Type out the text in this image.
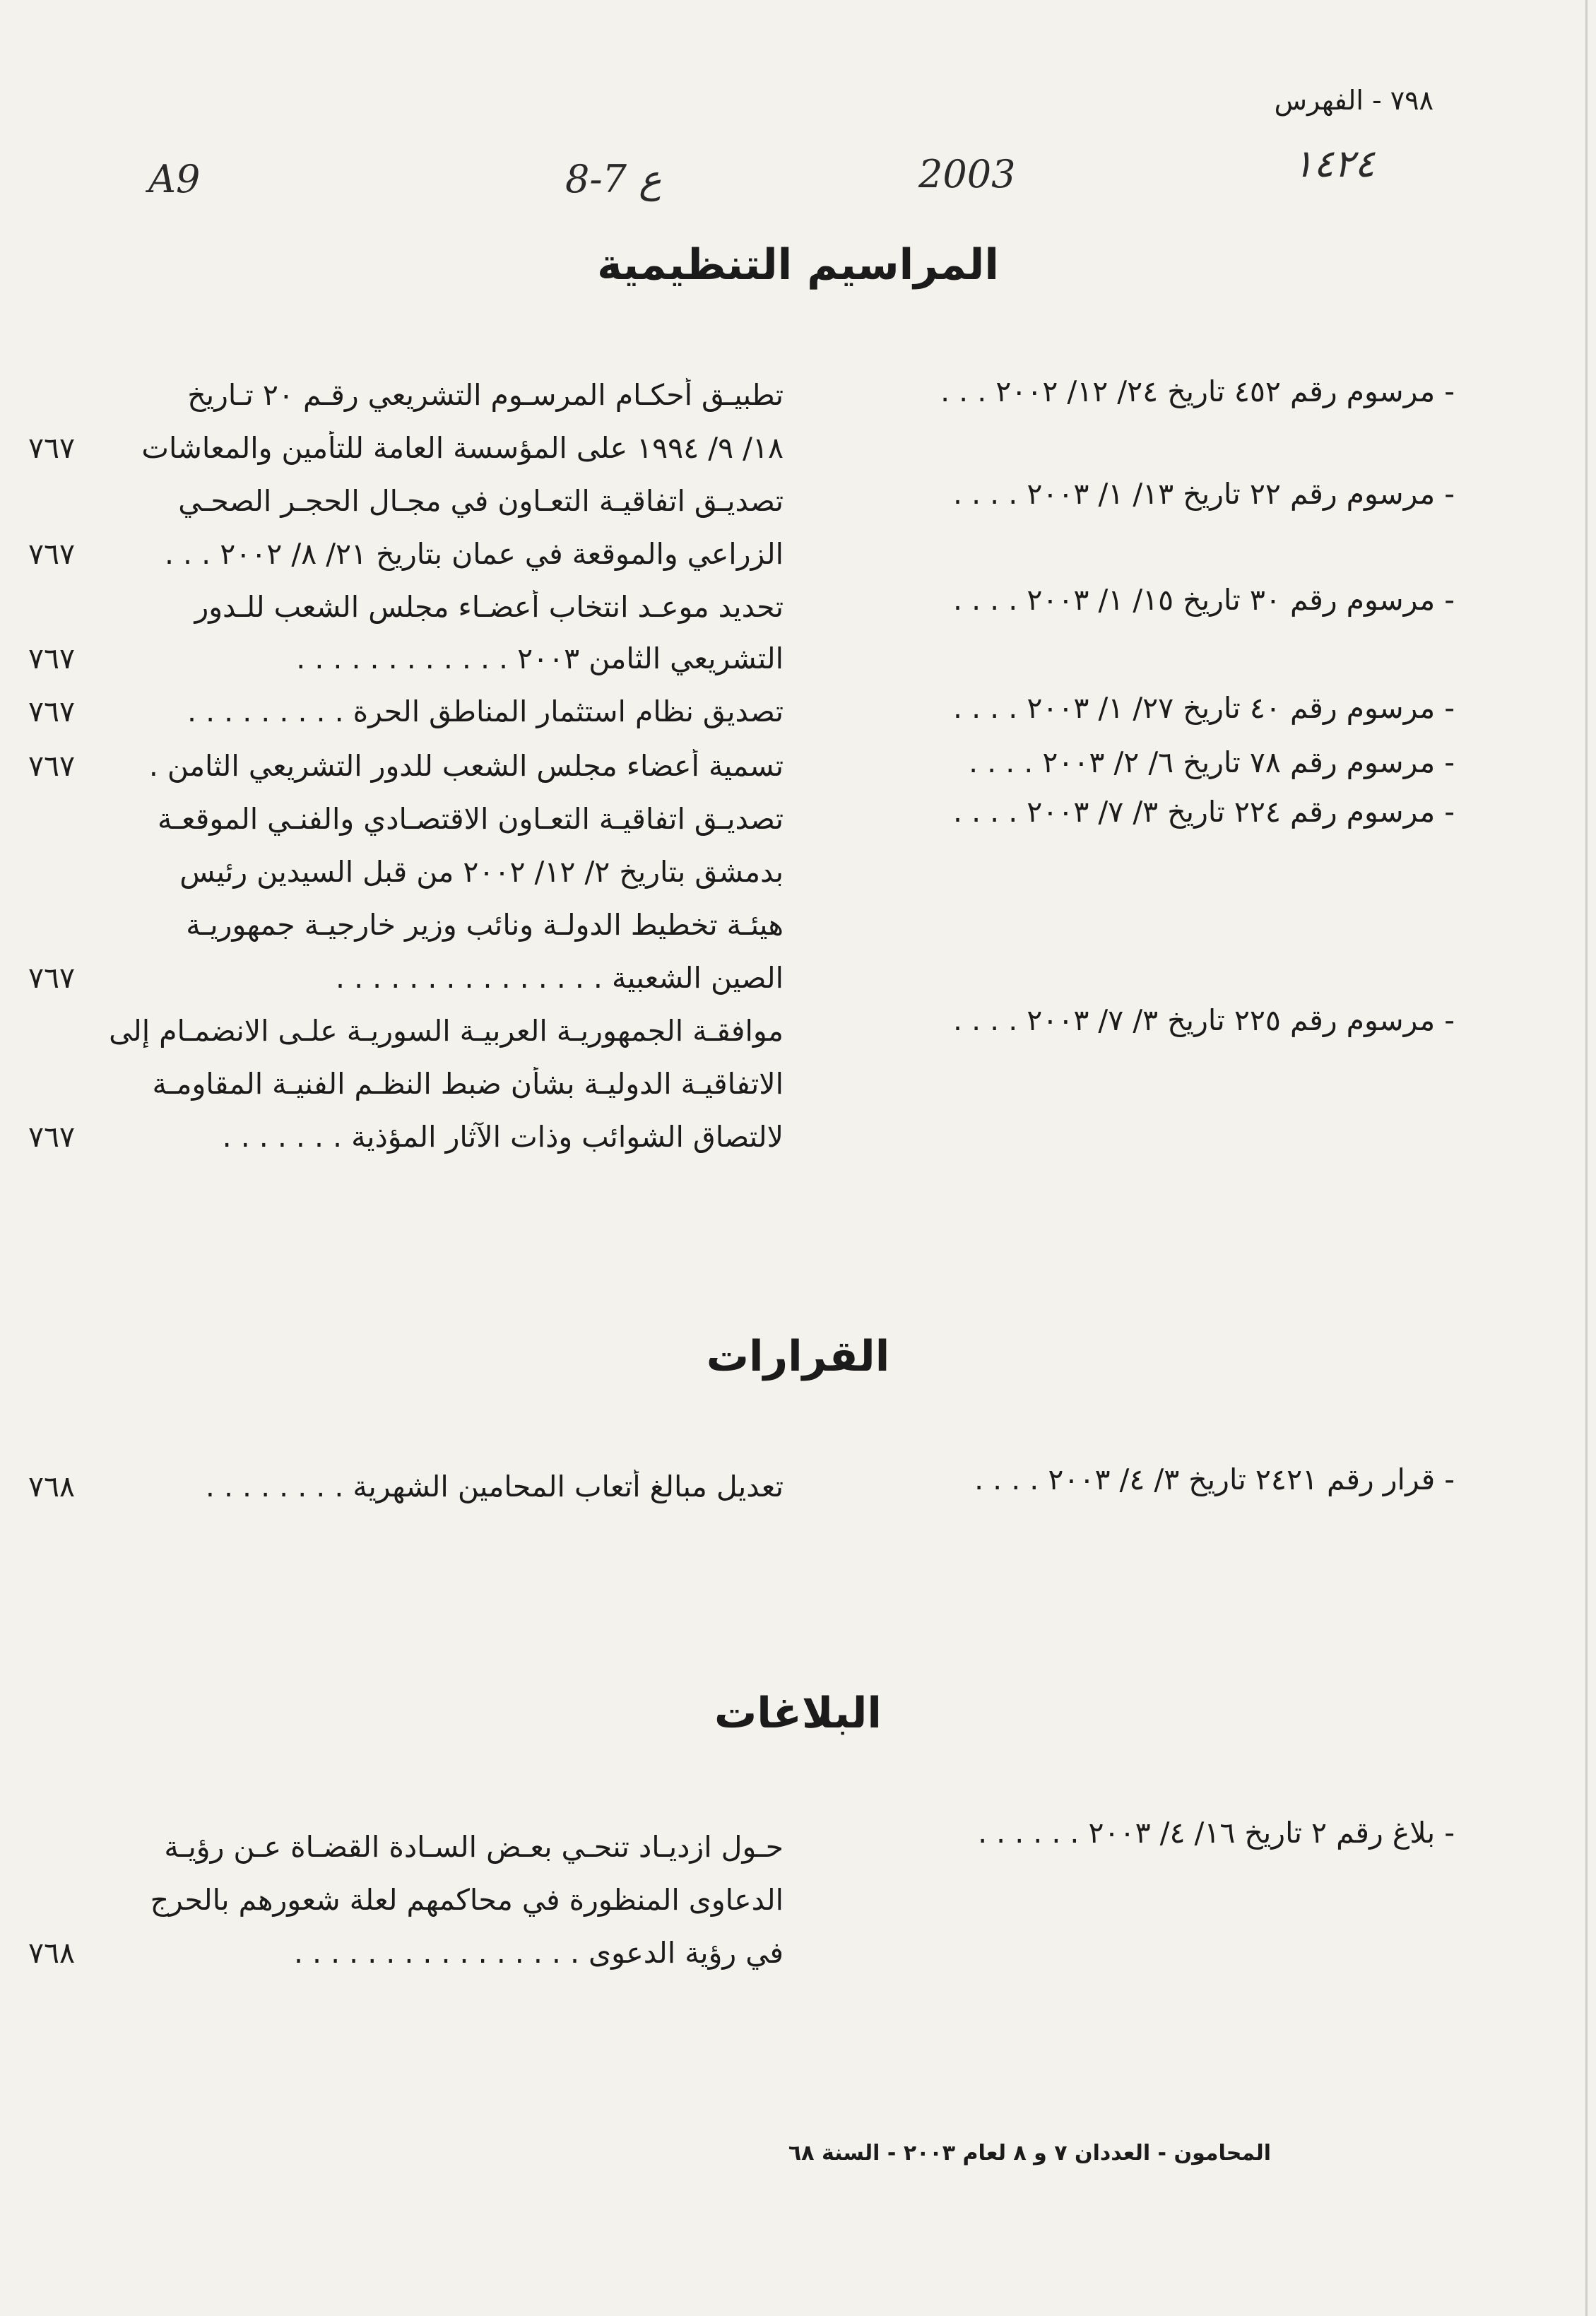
٧٩٨ - الفهرس
A9	8-7 ع	2003	١٤٢٤
المراسيم التنظيمية
- مرسوم رقم ٤٥٢ تاريخ ٢٤/ ١٢/ ٢٠٠٢ . . .
تطبيـق أحكـام المرسـوم التشريعي رقـم ٢٠ تـاريخ
١٨/ ٩/ ١٩٩٤ على المؤسسة العامة للتأمين والمعاشات
٧٦٧
- مرسوم رقم ٢٢ تاريخ ١٣/ ١/ ٢٠٠٣ . . . .
تصديـق اتفاقيـة التعـاون في مجـال الحجـر الصحـي
الزراعي والموقعة في عمان بتاريخ ٢١/ ٨/ ٢٠٠٢ . . .
٧٦٧
- مرسوم رقم ٣٠ تاريخ ١٥/ ١/ ٢٠٠٣ . . . .
تحديد موعـد انتخاب أعضـاء مجلس الشعب للـدور
التشريعي الثامن ٢٠٠٣ . . . . . . . . . . . .
٧٦٧
- مرسوم رقم ٤٠ تاريخ ٢٧/ ١/ ٢٠٠٣ . . . .
تصديق نظام استثمار المناطق الحرة . . . . . . . . .
٧٦٧
- مرسوم رقم ٧٨ تاريخ ٦/ ٢/ ٢٠٠٣ . . . .
تسمية أعضاء مجلس الشعب للدور التشريعي الثامن .
٧٦٧
- مرسوم رقم ٢٢٤ تاريخ ٣/ ٧/ ٢٠٠٣ . . . .
تصديـق اتفاقيـة التعـاون الاقتصـادي والفنـي الموقعـة
بدمشق بتاريخ ٢/ ١٢/ ٢٠٠٢ من قبل السيدين رئيس
هيئـة تخطيط الدولـة ونائب وزير خارجيـة جمهوريـة
الصين الشعبية . . . . . . . . . . . . . . .
٧٦٧
- مرسوم رقم ٢٢٥ تاريخ ٣/ ٧/ ٢٠٠٣ . . . .
موافقـة الجمهوريـة العربيـة السوريـة علـى الانضمـام إلى
الاتفاقيـة الدوليـة بشأن ضبط النظـم الفنيـة المقاومـة
لالتصاق الشوائب وذات الآثار المؤذية . . . . . . .
٧٦٧
القرارات
- قرار رقم ٢٤٢١ تاريخ ٣/ ٤/ ٢٠٠٣ . . . .
تعديل مبالغ أتعاب المحامين الشهرية . . . . . . . .
٧٦٨
البلاغات
- بلاغ رقم ٢ تاريخ ١٦/ ٤/ ٢٠٠٣ . . . . . .
حـول ازديـاد تنحـي بعـض السـادة القضـاة عـن رؤيـة
الدعاوى المنظورة في محاكمهم لعلة شعورهم بالحرج
في رؤية الدعوى . . . . . . . . . . . . . . . .
٧٦٨
المحامون - العددان ٧ و ٨ لعام ٢٠٠٣ - السنة ٦٨
